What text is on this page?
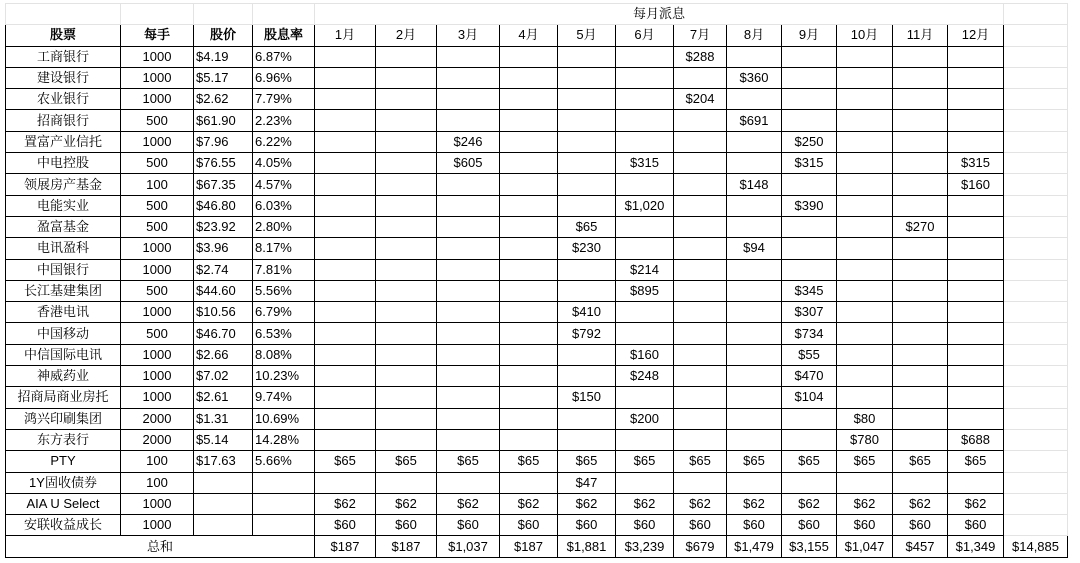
				每月派息												
股票	每手	股价	股息率	1月	2月	3月	4月	5月	6月	7月	8月	9月	10月	11月	12月	
工商银行	1000	$4.19	6.87%							$288						
建设银行	1000	$5.17	6.96%								$360					
农业银行	1000	$2.62	7.79%							$204						
招商银行	500	$61.90	2.23%								$691					
置富产业信托	1000	$7.96	6.22%			$246						$250				
中电控股	500	$76.55	4.05%			$605			$315			$315			$315	
领展房产基金	100	$67.35	4.57%								$148				$160	
电能实业	500	$46.80	6.03%						$1,020			$390				
盈富基金	500	$23.92	2.80%					$65						$270		
电讯盈科	1000	$3.96	8.17%					$230			$94					
中国银行	1000	$2.74	7.81%						$214							
长江基建集团	500	$44.60	5.56%						$895			$345				
香港电讯	1000	$10.56	6.79%					$410				$307				
中国移动	500	$46.70	6.53%					$792				$734				
中信国际电讯	1000	$2.66	8.08%						$160			$55				
神威药业	1000	$7.02	10.23%						$248			$470				
招商局商业房托	1000	$2.61	9.74%					$150				$104				
鸿兴印刷集团	2000	$1.31	10.69%						$200				$80			
东方表行	2000	$5.14	14.28%										$780		$688	
PTY	100	$17.63	5.66%	$65	$65	$65	$65	$65	$65	$65	$65	$65	$65	$65	$65	
1Y固收债券	100							$47								
AIA U Select	1000			$62	$62	$62	$62	$62	$62	$62	$62	$62	$62	$62	$62	
安联收益成长	1000			$60	$60	$60	$60	$60	$60	$60	$60	$60	$60	$60	$60	
总和				$187	$187	$1,037	$187	$1,881	$3,239	$679	$1,479	$3,155	$1,047	$457	$1,349	$14,885
